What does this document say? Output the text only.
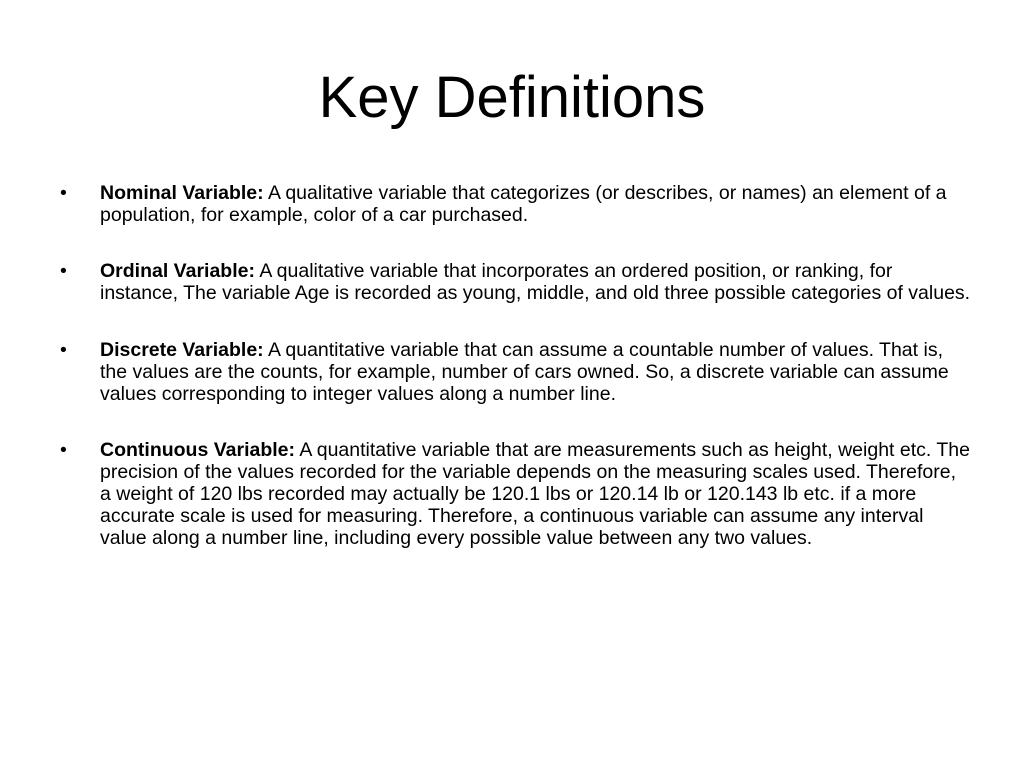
Key Definitions
• Nominal Variable: A qualitative variable that categorizes (or describes, or names) an element of a population, for example, color of a car purchased.
• Ordinal Variable: A qualitative variable that incorporates an ordered position, or ranking, for instance, The variable Age is recorded as young, middle, and old three possible categories of values.
• Discrete Variable: A quantitative variable that can assume a countable number of values. That is, the values are the counts, for example, number of cars owned. So, a discrete variable can assume values corresponding to integer values along a number line.
• Continuous Variable: A quantitative variable that are measurements such as height, weight etc. The precision of the values recorded for the variable depends on the measuring scales used. Therefore, a weight of 120 lbs recorded may actually be 120.1 lbs or 120.14 lb or 120.143 lb etc. if a more accurate scale is used for measuring. Therefore, a continuous variable can assume any interval value along a number line, including every possible value between any two values.
